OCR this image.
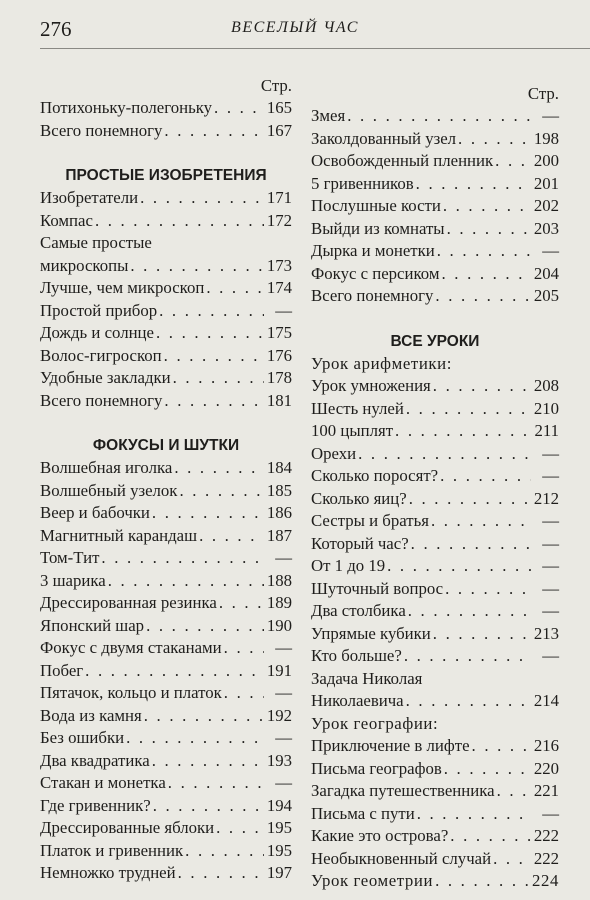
276	ВЕСЕЛЫЙ ЧАС
Стр.
Потихоньку-полегоньку . . .	165
Всего понемногу . . .	167
ПРОСТЫЕ ИЗОБРЕТЕНИЯ
Изобретатели . . .	171
Компас . . .	172
Самые простые
микроскопы . . .	173
Лучше, чем микроскоп . . .	174
Простой прибор . . .	—
Дождь и солнце . . .	175
Волос-гигроскоп . . .	176
Удобные закладки . . .	178
Всего понемногу . . .	181
ФОКУСЫ И ШУТКИ
Волшебная иголка . . .	184
Волшебный узелок . . .	185
Веер и бабочки . . .	186
Магнитный карандаш . . .	187
Том-Тит . . .	—
3 шарика . . .	188
Дрессированная резинка . . .	189
Японский шар . . .	190
Фокус с двумя стаканами . . .	—
Побег . . .	191
Пятачок, кольцо и платок . . .	—
Вода из камня . . .	192
Без ошибки . . .	—
Два квадратика . . .	193
Стакан и монетка . . .	—
Где гривенник? . . .	194
Дрессированные яблоки . . .	195
Платок и гривенник . . .	195
Немножко трудней . . .	197
Стр.
Змея . . .	—
Заколдованный узел . . .	198
Освобожденный пленник . . . 200
5 гривенников . . .	201
Послушные кости . . .	202
Выйди из комнаты . . .	203
Дырка и монетки . . .	—
Фокус с персиком . . .	204
Всего понемногу . . .	205
ВСЕ УРОКИ
Урок арифметики:
Урок умножения . . .	208
Шесть нулей . . .	210
100 цыплят . . .	211
Орехи . . .	—
Сколько поросят? . . .	—
Сколько яиц? . . .	212
Сестры и братья . . .	—
Который час? . . .	—
От 1 до 19 . . .	—
Шуточный вопрос . . .	—
Два столбика . . .	—
Упрямые кубики . . .	213
Кто больше? . . .	—
Задача Николая
Николаевича . . .	214
Урок географии:
Приключение в лифте . . .	216
Письма географов . . .	220
Загадка путешественника . . . 221
Письма с пути . . .	—
Какие это острова? . . .	222
Необыкновенный случай . . .	222
Урок геометрии . . .	224
